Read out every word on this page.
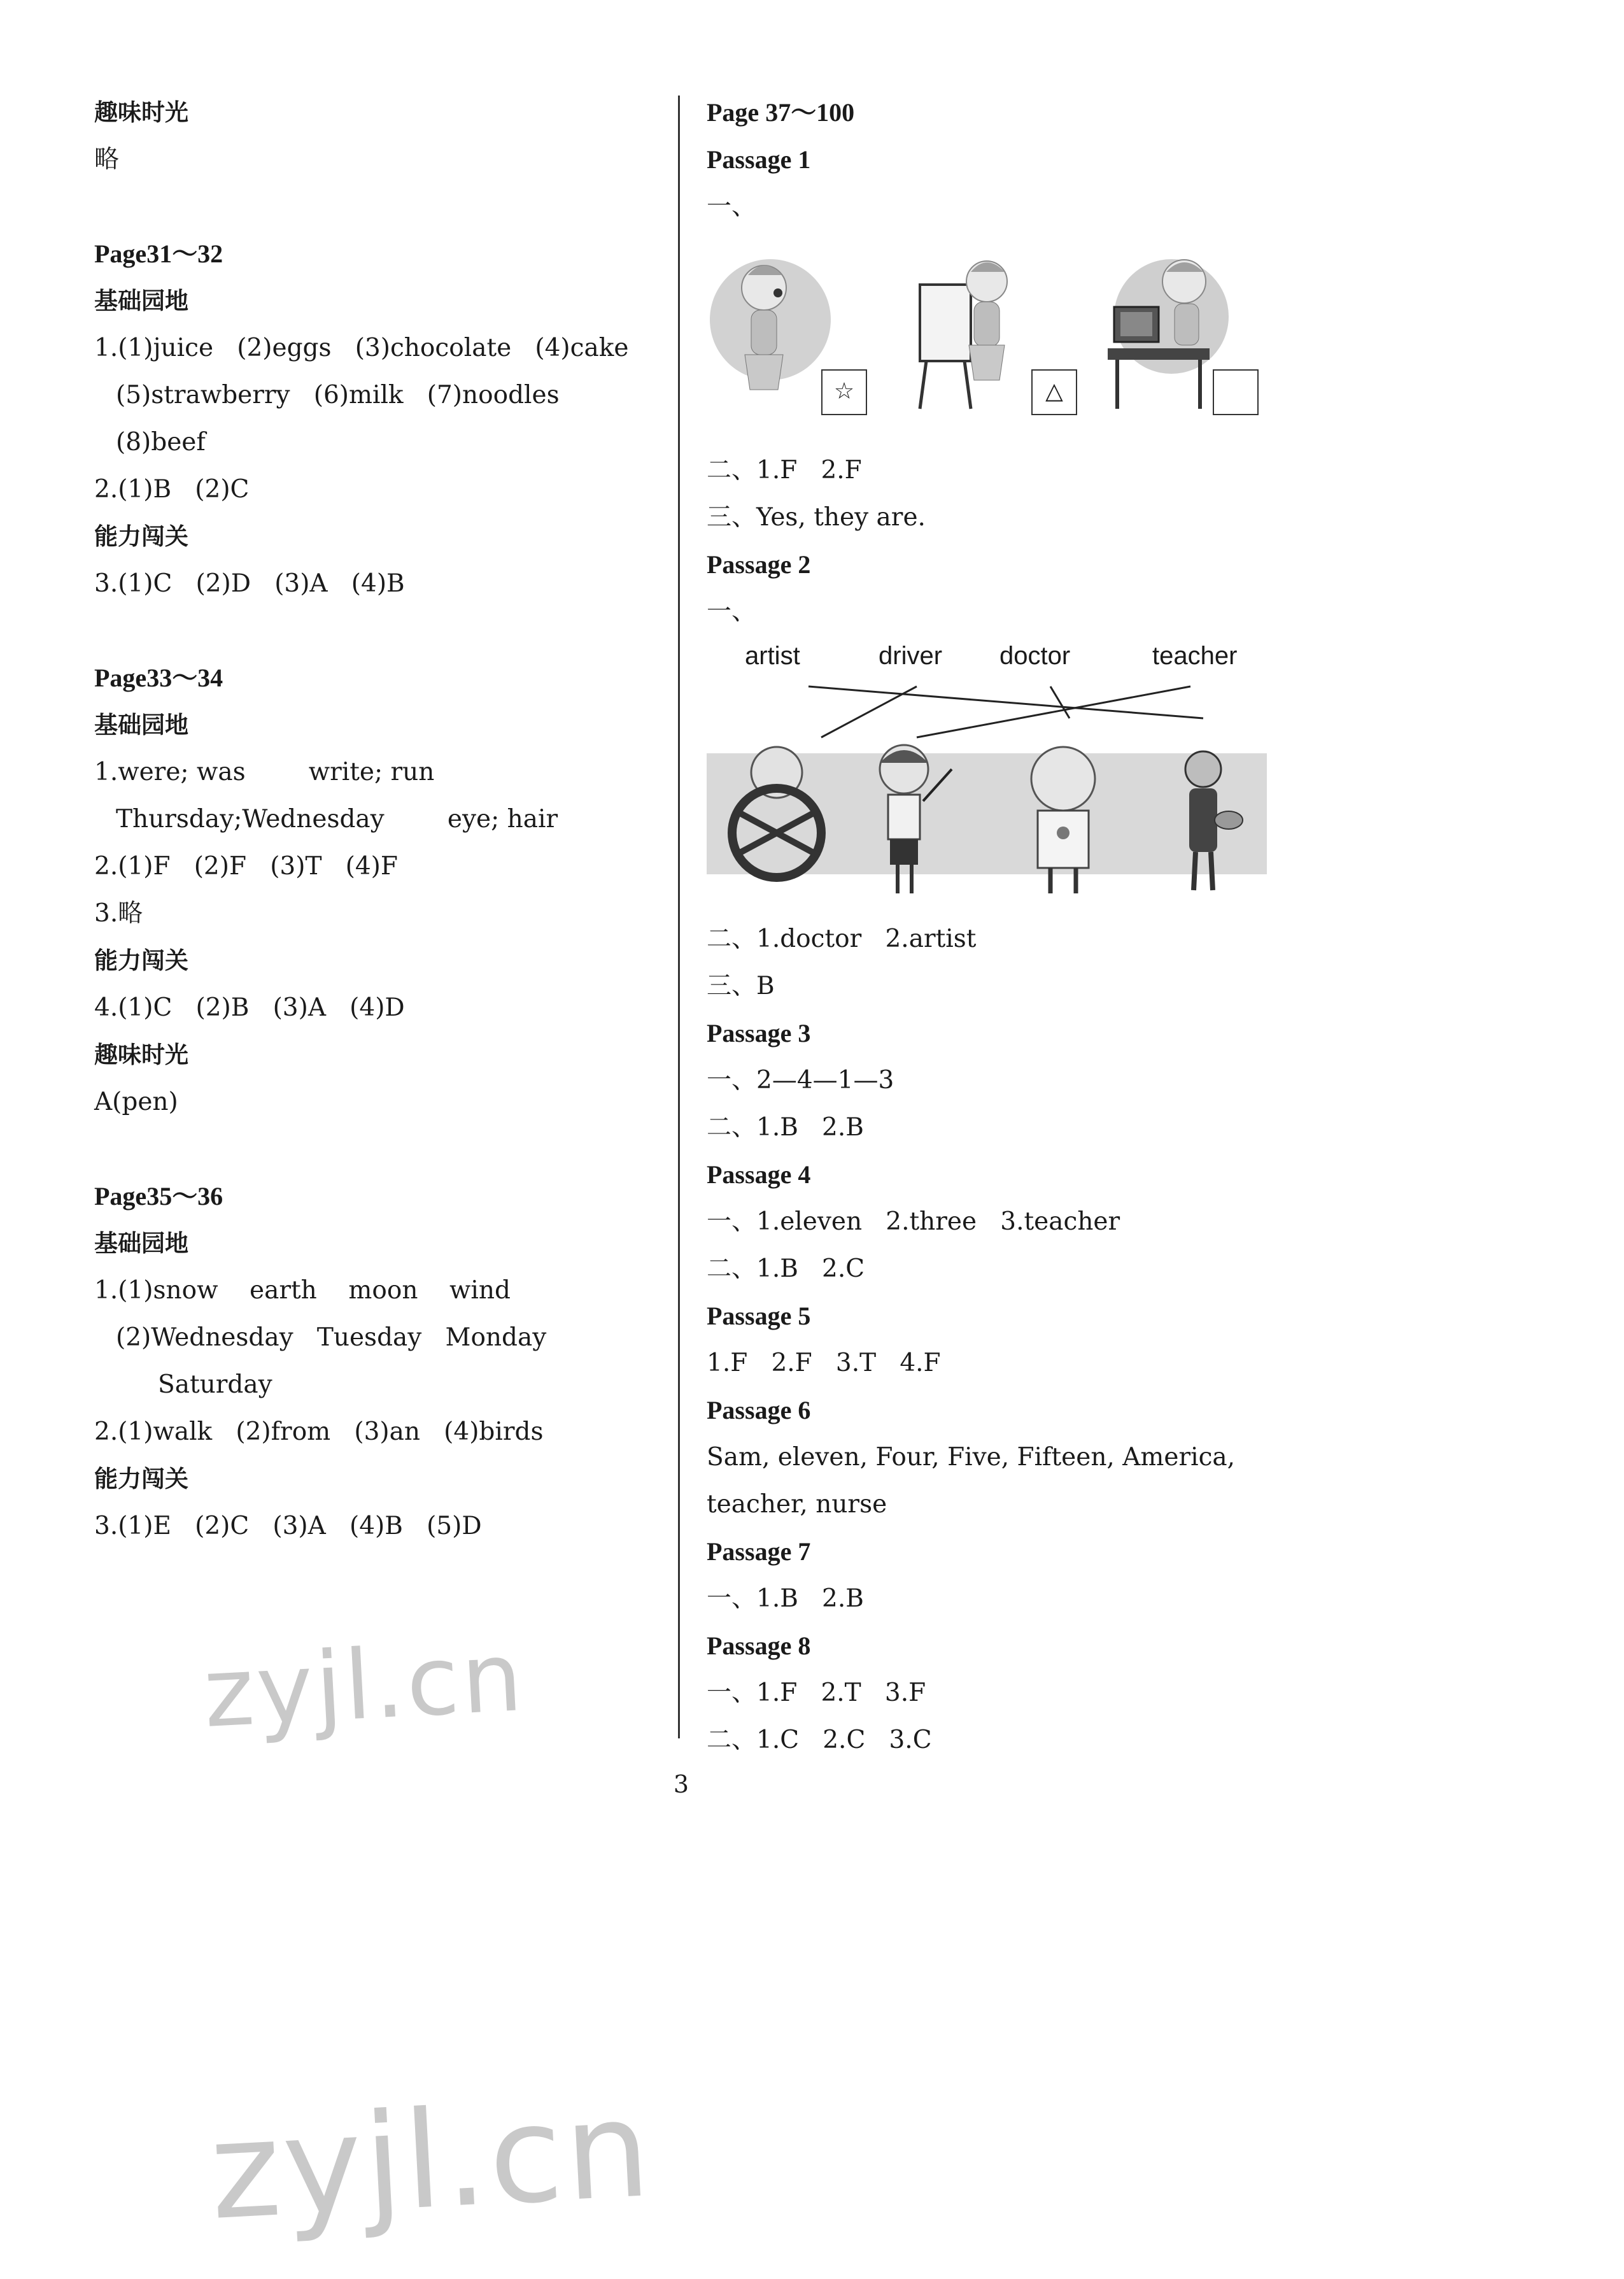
趣味时光
略
Page31～32
基础园地
1.(1)juice   (2)eggs   (3)chocolate   (4)cake
(5)strawberry   (6)milk   (7)noodles
(8)beef
2.(1)B   (2)C
能力闯关
3.(1)C   (2)D   (3)A   (4)B
Page33～34
基础园地
1.were; was        write; run
Thursday;Wednesday        eye; hair
2.(1)F   (2)F   (3)T   (4)F
3.略
能力闯关
4.(1)C   (2)B   (3)A   (4)D
趣味时光
A(pen)
Page35～36
基础园地
1.(1)snow    earth    moon    wind
(2)Wednesday   Tuesday   Monday
Saturday
2.(1)walk   (2)from   (3)an   (4)birds
能力闯关
3.(1)E   (2)C   (3)A   (4)B   (5)D
Page 37～100
Passage 1
一、
☆	△
二、1.F   2.F
三、Yes, they are.
Passage 2
一、
artist	driver doctor	teacher
二、1.doctor   2.artist
三、B
Passage 3
一、2—4—1—3
二、1.B   2.B
Passage 4
一、1.eleven   2.three   3.teacher
二、1.B   2.C
Passage 5
1.F   2.F   3.T   4.F
Passage 6
Sam, eleven, Four, Five, Fifteen, America,
teacher, nurse
Passage 7
一、1.B   2.B
Passage 8
一、1.F   2.T   3.F
二、1.C   2.C   3.C
3
zyjl.cn
zyjl.cn
